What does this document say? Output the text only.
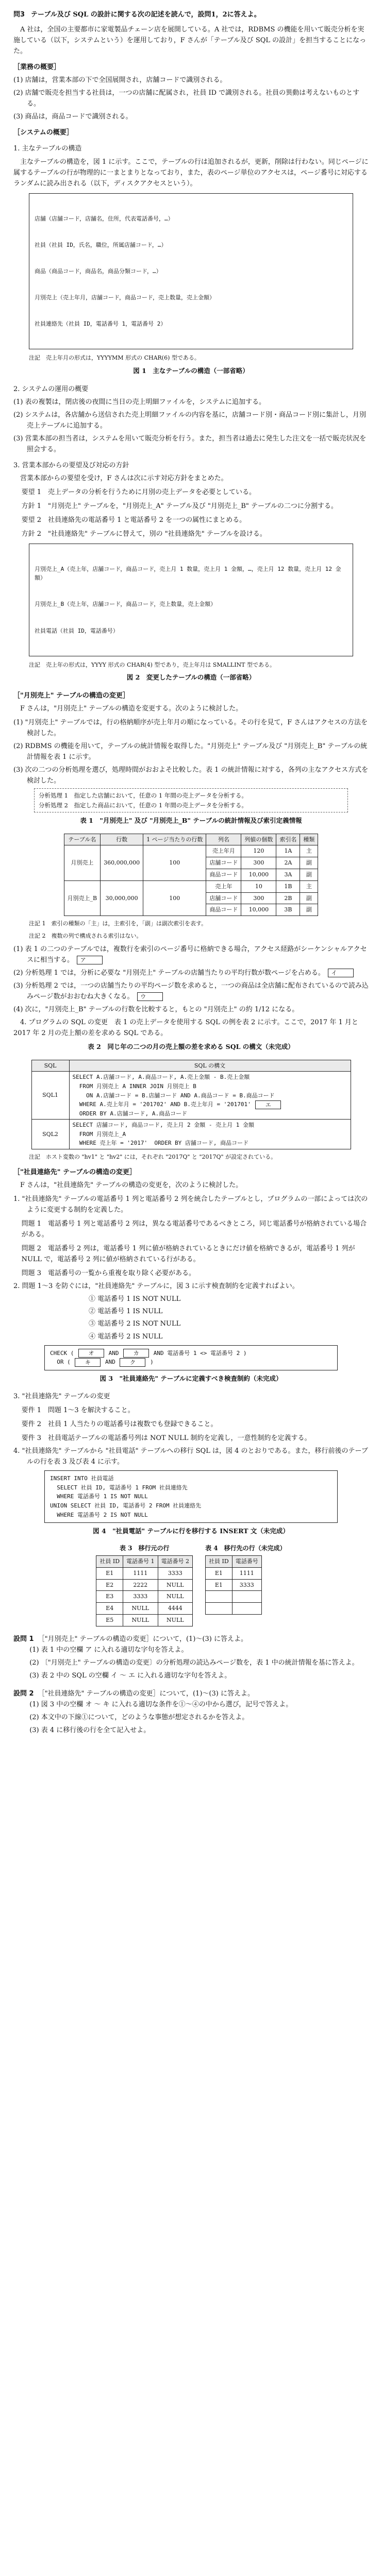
問3 テーブル及び SQL の設計に関する次の記述を読んで，設問1，2に答えよ。

A 社は，全国の主要都市に家電製品チェーン店を展開している。A 社では，RDBMS の機能を用いて販売分析を実施している（以下，システムという）を運用しており，F さんが「テーブル及び SQL の設計」を担当することになった。

［業務の概要］
(1) 店舗は，営業本部の下で全国展開され，店舗コードで識別される。
(2) 店舗で販売を担当する社員は，一つの店舗に配属され，社員 ID で識別される。社員の異動は考えないものとする。
(3) 商品は，商品コードで識別される。
［システムの概要］
1. 主なテーブルの構造

主なテーブルの構造を，図 1 に示す。ここで，テーブルの行は追加されるが，更新，削除は行わない。同じページに属するテーブルの行が物理的に一まとまりとなっており，また，表のページ単位のアクセスは，ページ番号に対応するランダムに読み出される（以下，ディスクアクセスという）。

店舗（店舗コード，店舗名，住所，代表電話番号，…）

社員（社員 ID，氏名，職位，所属店舗コード，…）

商品（商品コード，商品名，商品分類コード，…）

月別売上（売上年月，店舗コード，商品コード，売上数量，売上金額）

社員連絡先（社員 ID，電話番号 1，電話番号 2）

注記　売上年月の形式は，YYYYMM 形式の CHAR(6) 型である。
図 1　主なテーブルの構造（一部省略）
2. システムの運用の概要
(1) 表の複製は，閉店後の夜間に当日の売上明細ファイルを，システムに追加する。
(2) システムは，各店舗から送信された売上明細ファイルの内容を基に，店舗コード別・商品コード別に集計し，月別売上テーブルに追加する。
(3) 営業本部の担当者は，システムを用いて販売分析を行う。また，担当者は過去に発生した注文を一括で販売状況を照会する。
3. 営業本部からの要望及び対応の方針

営業本部からの要望を受け，F さんは次に示す対応方針をまとめた。

要望 1　売上データの分析を行うために月別の売上データを必要としている。
方針 1　"月別売上" テーブルを，"月別売上_A" テーブル及び "月別売上_B" テーブルの二つに分割する。
要望 2　社員連絡先の電話番号 1 と電話番号 2 を一つの属性にまとめる。
方針 2　"社員連絡先" テーブルに替えて，別の "社員連絡先" テーブルを設ける。

月別売上_A（売上年，店舗コード，商品コード，売上月 1 数量，売上月 1 金額，…，売上月 12 数量，売上月 12 金額）

月別売上_B（売上年，店舗コード，商品コード，売上数量，売上金額）

社員電話（社員 ID，電話番号）

注記　売上年の形式は，YYYY 形式の CHAR(4) 型であり，売上年月は SMALLINT 型である。
図 2　変更したテーブルの構造（一部省略）
［"月別売上" テーブルの構造の変更］

F さんは，"月別売上" テーブルの構造を変更する。次のように検討した。

(1) "月別売上" テーブルでは，行の格納順序が売上年月の順になっている。その行を見て，F さんはアクセスの方法を検討した。
(2) RDBMS の機能を用いて，テーブルの統計情報を取得した。"月別売上" テーブル及び "月別売上_B" テーブルの統計情報を表 1 に示す。
(3) 次の二つの分析処理を選び，処理時間がおおよそ比較した。表 1 の統計情報に対する，各列の主なアクセス方式を検討した。
分析処理 1　指定した店舗において，任意の 1 年間の売上データを分析する。
分析処理 2　指定した商品において，任意の 1 年間の売上データを分析する。
表 1　"月別売上" 及び "月別売上_B" テーブルの統計情報及び索引定義情報
テーブル名	行数	1 ページ当たりの行数	列名	列値の個数	索引名	種類
月別売上	360,000,000	100	売上年月	120	1A	主
			店舗コード	300	2A	副
			商品コード	10,000	3A	副
月別売上_B	30,000,000	100	売上年	10	1B	主
			店舗コード	300	2B	副
			商品コード	10,000	3B	副
注記 1　索引の種類の「主」は，主索引を，「副」は副次索引を表す。
注記 2　複数の列で構成される索引はない。
(1) 表 1 の二つのテーブルでは，複数行を索引のページ番号に格納できる場合，アクセス経路がシーケンシャルアクセスに相当する。 ア
(2) 分析処理 1 では，分析に必要な "月別売上" テーブルの店舗当たりの平均行数が数ページを占める。 イ
(3) 分析処理 2 では，一つの店舗当たりの平均ページ数を求めると，一つの商品は全店舗に配布されているので読み込みページ数がおおむね大きくなる。 ウ
(4) 次に，"月別売上_B" テーブルの行数を比較すると，もとの "月別売上" の約 1/12 になる。

4. プログラムの SQL の変更　表 1 の売上データを使用する SQL の例を表 2 に示す。ここで，2017 年 1 月と 2017 年 2 月の売上額の差を求める SQL である。

表 2　同じ年の二つの月の売上額の差を求める SQL の構文（未完成）
SQL	SQL の構文
SQL1	SELECT A.店舗コード, A.商品コード, A.売上金額 - B.売上金額
FROM 月別売上 A INNER JOIN 月別売上 B
ON A.店舗コード = B.店舗コード AND A.商品コード = B.商品コード
WHERE A.売上年月 = '201702' AND B.売上年月 = '201701' エ
ORDER BY A.店舗コード, A.商品コード

SQL2	SELECT 店舗コード, 商品コード, 売上月 2 金額 - 売上月 1 金額
FROM 月別売上_A
WHERE 売上年 = '2017'  ORDER BY 店舗コード, 商品コード
注記　ホスト変数の "hv1" と "hv2" には，それぞれ "2017Q" と "2017Q" が設定されている。
［"社員連絡先" テーブルの構造の変更］

F さんは，"社員連絡先" テーブルの構造の変更を，次のように検討した。

1. "社員連絡先" テーブルの電話番号 1 列と電話番号 2 列を統合したテーブルとし，プログラムの一部によっては次のように変更する制約を定義した。
問題 1　電話番号 1 列と電話番号 2 列は，異なる電話番号であるべきところ，同じ電話番号が格納されている場合がある。
問題 2　電話番号 2 列は，電話番号 1 列に値が格納されているときにだけ値を格納できるが，電話番号 1 列が NULL で，電話番号 2 列に値が格納されている行がある。
問題 3　電話番号の一覧から重複を取り除く必要がある。
2. 問題 1〜3 を防ぐには，"社員連絡先" テーブルに，図 3 に示す検査制約を定義すればよい。
① 電話番号 1 IS NOT NULL
② 電話番号 1 IS NULL
③ 電話番号 2 IS NOT NULL
④ 電話番号 2 IS NULL
CHECK ( オ AND カ	AND 電話番号 1 <> 電話番号 2 )
OR (	キ AND ク )
図 3　"社員連絡先" テーブルに定義すべき検査制約（未完成）
3. "社員連絡先" テーブルの変更
要件 1　問題 1〜3 を解決すること。
要件 2　社員 1 人当たりの電話番号は複数でも登録できること。
要件 3　社員電話テーブルの電話番号列は NOT NULL 制約を定義し，一意性制約を定義する。
4. "社員連絡先" テーブルから "社員電話" テーブルへの移行 SQL は，図 4 のとおりである。また，移行前後のテーブルの行を表 3 及び表 4 に示す。
INSERT INTO 社員電話
SELECT 社員 ID, 電話番号 1 FROM 社員連絡先
WHERE 電話番号 1 IS NOT NULL
UNION SELECT 社員 ID, 電話番号 2 FROM 社員連絡先
WHERE 電話番号 2 IS NOT NULL
図 4　"社員電話" テーブルに行を移行する INSERT 文（未完成）
表 3　移行元の行
社員 ID	電話番号 1	電話番号 2
E1	1111	3333
E2	2222	NULL
E3	3333	NULL
E4	NULL	4444
E5	NULL	NULL
表 4　移行先の行（未完成）
社員 ID	電話番号
E1	1111
E1	3333

設問 1 ［"月別売上" テーブルの構造の変更］について，(1)〜(3) に答えよ。
(1) 表 1 中の空欄 ア に入れる適切な字句を答えよ。
(2) 〔"月別売上" テーブルの構造の変更〕の分析処理の読込みページ数を，表 1 中の統計情報を基に答えよ。
(3) 表 2 中の SQL の空欄 イ 〜 エ に入れる適切な字句を答えよ。
設問 2 ［"社員連絡先" テーブルの構造の変更］について，(1)〜(3) に答えよ。
(1) 図 3 中の空欄 オ 〜 キ に入れる適切な条件を①〜④の中から選び，記号で答えよ。
(2) 本文中の下線①について，どのような事態が想定されるかを答えよ。
(3) 表 4 に移行後の行を全て記入せよ。
